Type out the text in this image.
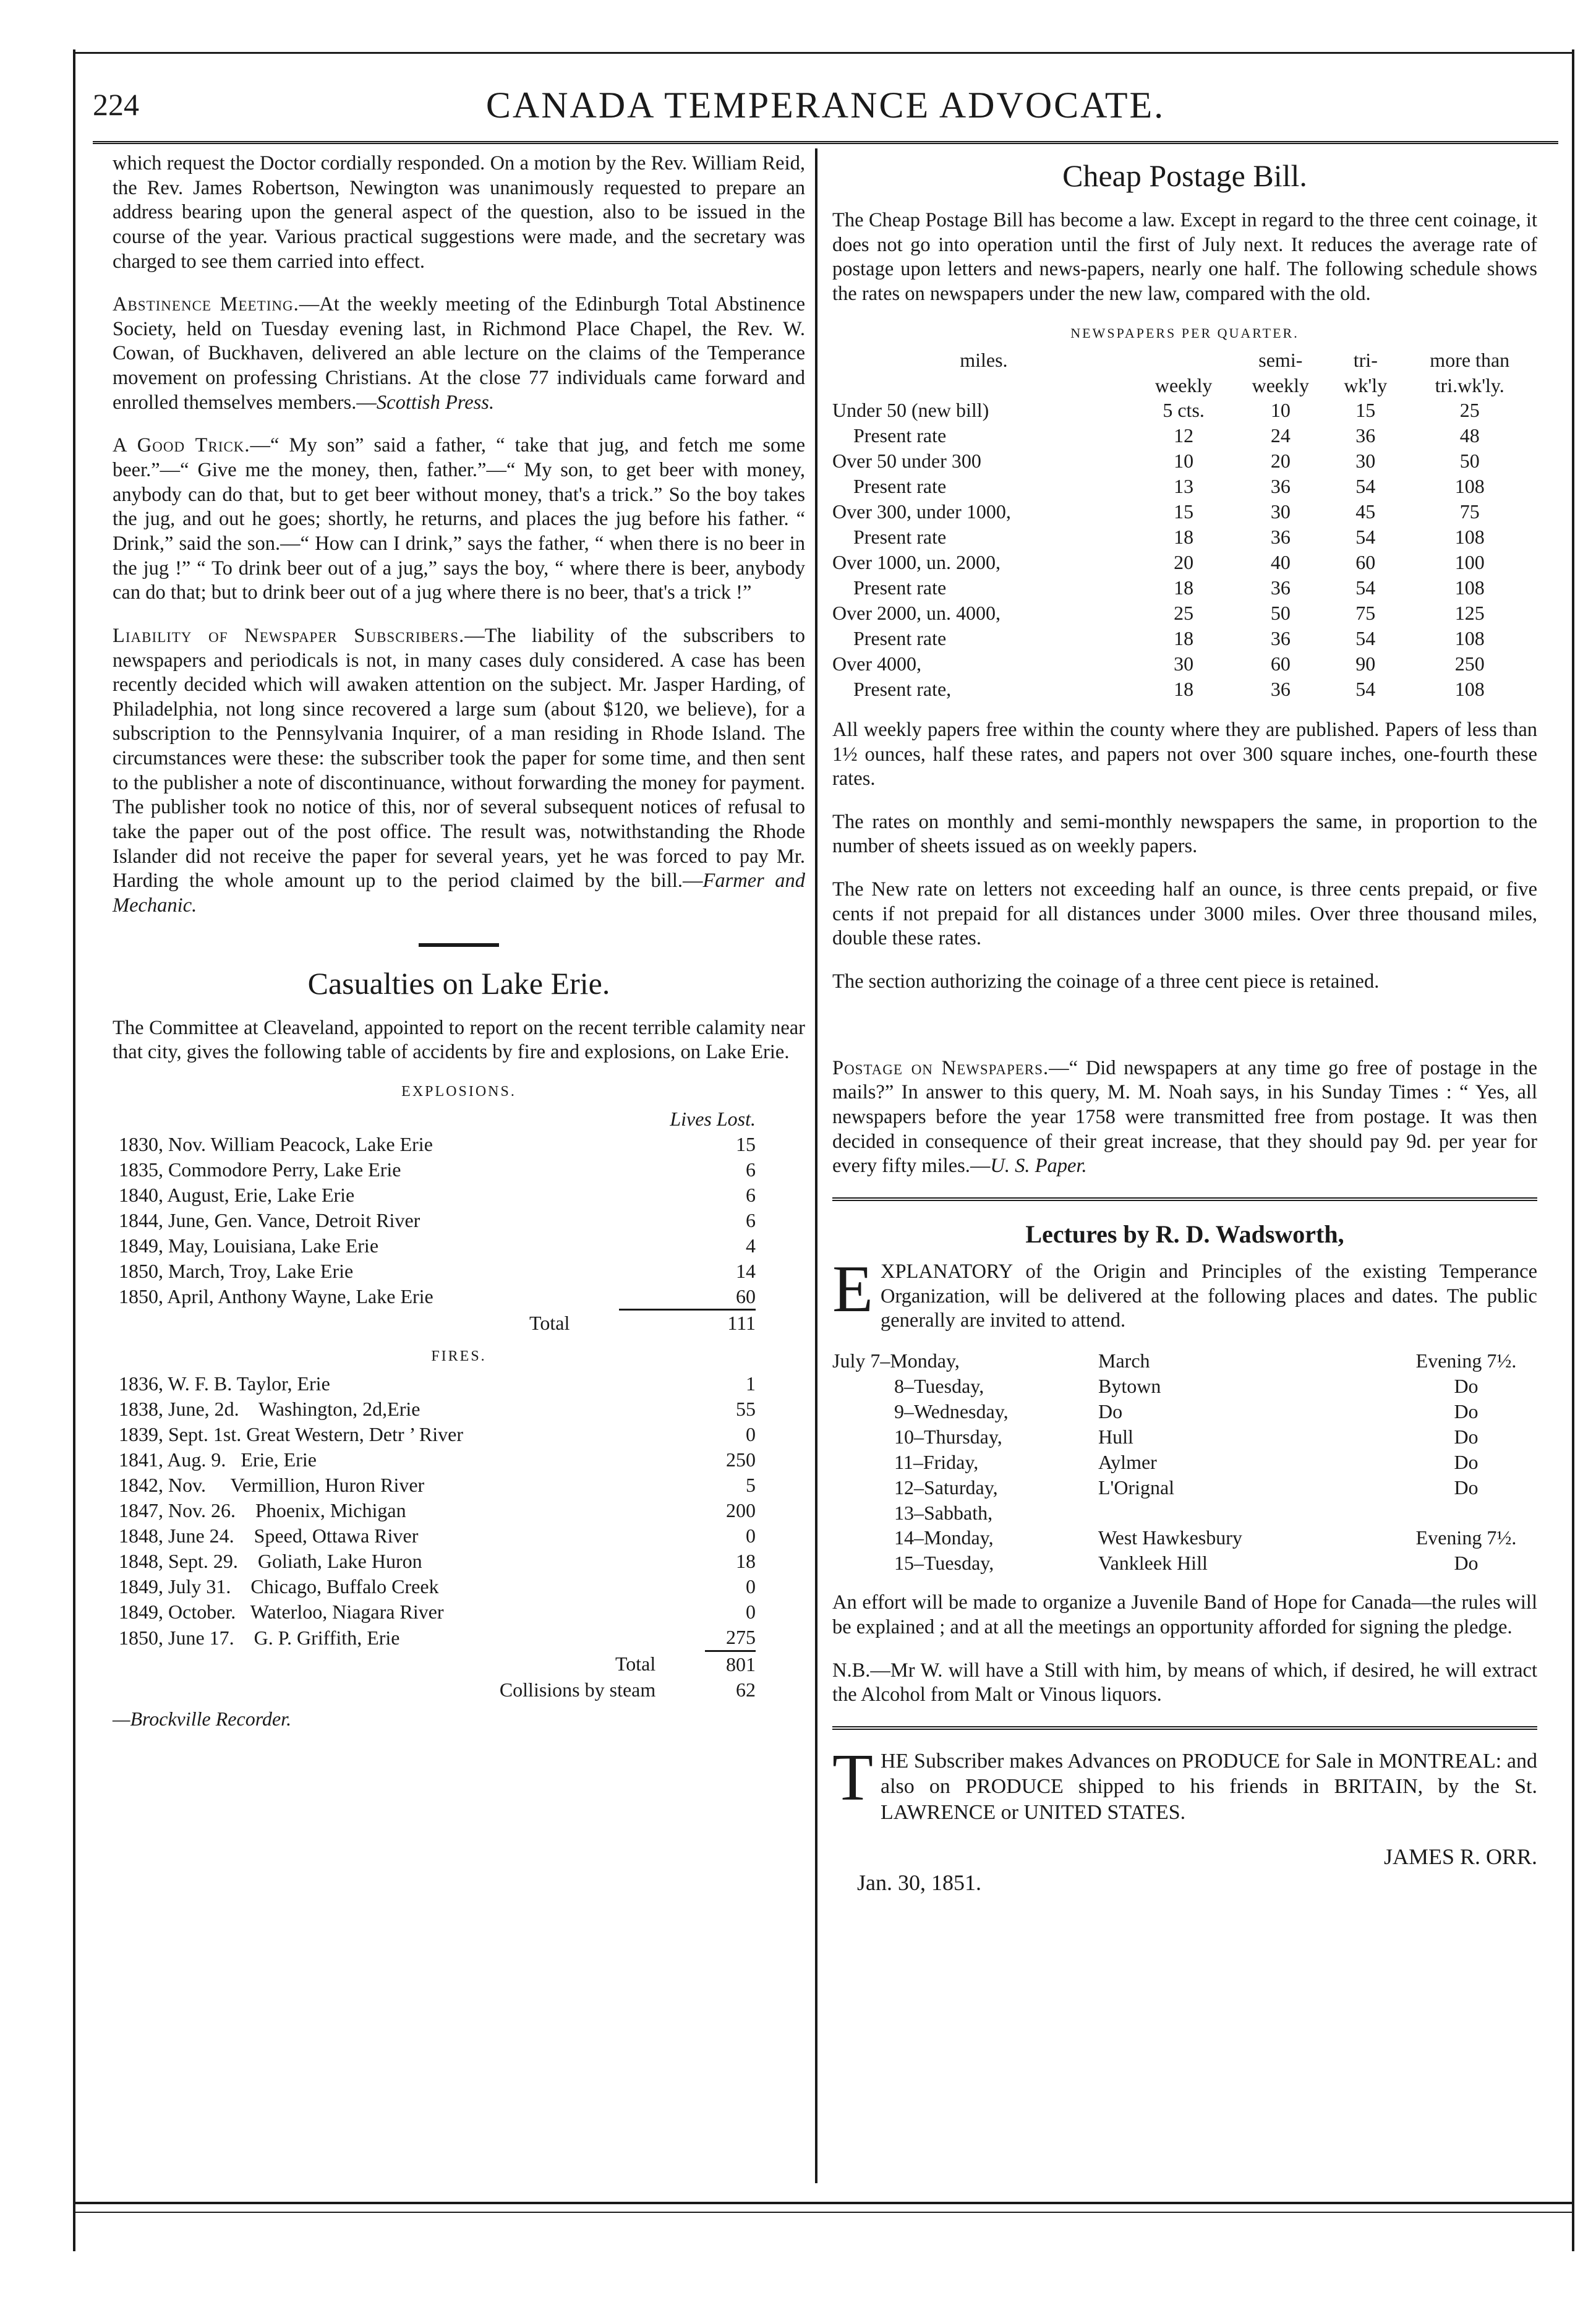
224	CANADA TEMPERANCE ADVOCATE.

which request the Doctor cordially responded. On a motion by the Rev. William Reid, the Rev. James Robertson, Newington was unanimously requested to prepare an address bearing upon the general aspect of the question, also to be issued in the course of the year. Various practical suggestions were made, and the secretary was charged to see them carried into effect.

Abstinence Meeting.—At the weekly meeting of the Edinburgh Total Abstinence Society, held on Tuesday evening last, in Richmond Place Chapel, the Rev. W. Cowan, of Buckhaven, delivered an able lecture on the claims of the Temperance movement on professing Christians. At the close 77 individuals came forward and enrolled themselves members.—Scottish Press.

A Good Trick.—“ My son” said a father, “ take that jug, and fetch me some beer.”—“ Give me the money, then, father.”—“ My son, to get beer with money, anybody can do that, but to get beer without money, that's a trick.” So the boy takes the jug, and out he goes; shortly, he returns, and places the jug before his father. “ Drink,” said the son.—“ How can I drink,” says the father, “ when there is no beer in the jug !” “ To drink beer out of a jug,” says the boy, “ where there is beer, anybody can do that; but to drink beer out of a jug where there is no beer, that's a trick !”

Liability of Newspaper Subscribers.—The liability of the subscribers to newspapers and periodicals is not, in many cases duly considered. A case has been recently decided which will awaken attention on the subject. Mr. Jasper Harding, of Philadelphia, not long since recovered a large sum (about $120, we believe), for a subscription to the Pennsylvania Inquirer, of a man residing in Rhode Island. The circumstances were these: the subscriber took the paper for some time, and then sent to the publisher a note of discontinuance, without forwarding the money for payment. The publisher took no notice of this, nor of several subsequent notices of refusal to take the paper out of the post office. The result was, notwithstanding the Rhode Islander did not receive the paper for several years, yet he was forced to pay Mr. Harding the whole amount up to the period claimed by the bill.—Farmer and Mechanic.

Casualties on Lake Erie.

The Committee at Cleaveland, appointed to report on the recent terrible calamity near that city, gives the following table of accidents by fire and explosions, on Lake Erie.

EXPLOSIONS.
	Lives Lost.
1830, Nov. William Peacock, Lake Erie	15
1835, Commodore Perry, Lake Erie	6
1840, August, Erie, Lake Erie	6
1844, June, Gen. Vance, Detroit River	6
1849, May, Louisiana, Lake Erie	4
1850, March, Troy, Lake Erie	14
1850, April, Anthony Wayne, Lake Erie	60
Total	111
FIRES.
1836, W. F. B. Taylor, Erie	1
1838, June, 2d.    Washington, 2d,Erie	55
1839, Sept. 1st. Great Western, Detr ’ River	0
1841, Aug. 9.   Erie, Erie	250
1842, Nov.     Vermillion, Huron River	5
1847, Nov. 26.    Phoenix, Michigan	200
1848, June 24.    Speed, Ottawa River	0
1848, Sept. 29.    Goliath, Lake Huron	18
1849, July 31.    Chicago, Buffalo Creek	0
1849, October.   Waterloo, Niagara River	0
1850, June 17.    G. P. Griffith, Erie	275
Total	801
Collisions by steam	62
—Brockville Recorder.
Cheap Postage Bill.

The Cheap Postage Bill has become a law. Except in regard to the three cent coinage, it does not go into operation until the first of July next. It reduces the average rate of postage upon letters and news-papers, nearly one half. The following schedule shows the rates on newspapers under the new law, compared with the old.

NEWSPAPERS PER QUARTER.
miles.		semi-	tri-	more than
	weekly	weekly	wk'ly	tri.wk'ly.
Under 50 (new bill)	5 cts.	10	15	25
Present rate	12	24	36	48
Over 50 under 300	10	20	30	50
Present rate	13	36	54	108
Over 300, under 1000,	15	30	45	75
Present rate	18	36	54	108
Over 1000, un. 2000,	20	40	60	100
Present rate	18	36	54	108
Over 2000, un. 4000,	25	50	75	125
Present rate	18	36	54	108
Over 4000,	30	60	90	250
Present rate,	18	36	54	108

All weekly papers free within the county where they are published. Papers of less than 1½ ounces, half these rates, and papers not over 300 square inches, one-fourth these rates.

The rates on monthly and semi-monthly newspapers the same, in proportion to the number of sheets issued as on weekly papers.

The New rate on letters not exceeding half an ounce, is three cents prepaid, or five cents if not prepaid for all distances under 3000 miles. Over three thousand miles, double these rates.

The section authorizing the coinage of a three cent piece is retained.

Postage on Newspapers.—“ Did newspapers at any time go free of postage in the mails?” In answer to this query, M. M. Noah says, in his Sunday Times : “ Yes, all newspapers before the year 1758 were transmitted free from postage. It was then decided in consequence of their great increase, that they should pay 9d. per year for every fifty miles.—U. S. Paper.

Lectures by R. D. Wadsworth,

EXPLANATORY of the Origin and Principles of the existing Temperance Organization, will be delivered at the following places and dates. The public generally are invited to attend.

July 7–Monday,	March	Evening 7½.
8–Tuesday,	Bytown	Do
9–Wednesday,	Do	Do
10–Thursday,	Hull	Do
11–Friday,	Aylmer	Do
12–Saturday,	L'Orignal	Do
13–Sabbath,		
14–Monday,	West Hawkesbury	Evening 7½.
15–Tuesday,	Vankleek Hill	Do

An effort will be made to organize a Juvenile Band of Hope for Canada—the rules will be explained ; and at all the meetings an opportunity afforded for signing the pledge.

N.B.—Mr W. will have a Still with him, by means of which, if desired, he will extract the Alcohol from Malt or Vinous liquors.

THE Subscriber makes Advances on PRODUCE for Sale in MONTREAL: and also on PRODUCE shipped to his friends in BRITAIN, by the St. LAWRENCE or UNITED STATES.

JAMES R. ORR.
Jan. 30, 1851.
